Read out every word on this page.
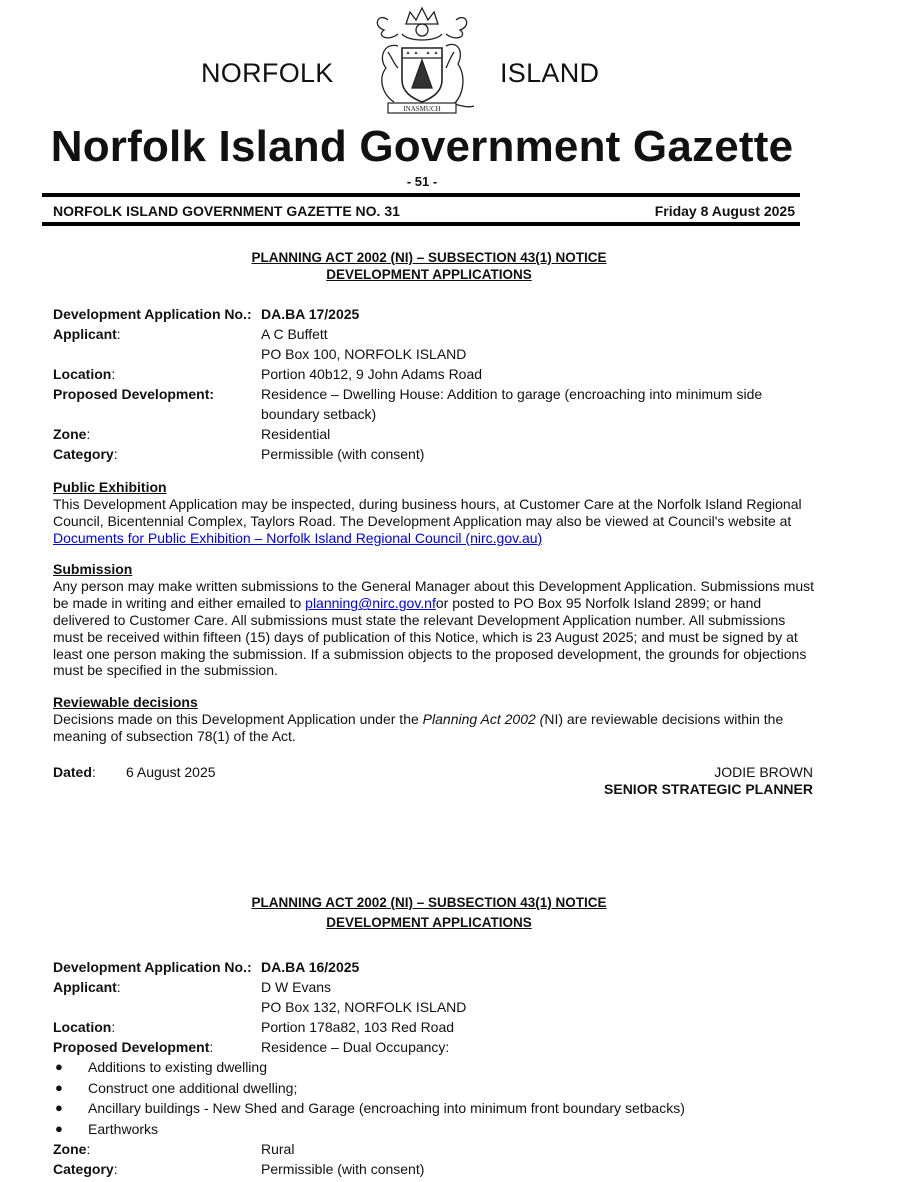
NORFOLK
INASMUCH
ISLAND
Norfolk Island Government Gazette
- 51 -
NORFOLK ISLAND GOVERNMENT GAZETTE NO. 31	Friday 8 August 2025
PLANNING ACT 2002 (NI) – SUBSECTION 43(1) NOTICE
DEVELOPMENT APPLICATIONS
Development Application No.: DA.BA 17/2025
Applicant:	A C Buffett
PO Box 100, NORFOLK ISLAND
Location:	Portion 40b12, 9 John Adams Road
Proposed Development:	Residence – Dwelling House: Addition to garage (encroaching into minimum side boundary setback)
Zone:	Residential
Category:	Permissible (with consent)
Public Exhibition
This Development Application may be inspected, during business hours, at Customer Care at the Norfolk Island Regional Council, Bicentennial Complex, Taylors Road. The Development Application may also be viewed at Council's website at Documents for Public Exhibition – Norfolk Island Regional Council (nirc.gov.au)
Submission
Any person may make written submissions to the General Manager about this Development Application. Submissions must be made in writing and either emailed to planning@nirc.gov.nfor posted to PO Box 95 Norfolk Island 2899; or hand delivered to Customer Care. All submissions must state the relevant Development Application number. All submissions must be received within fifteen (15) days of publication of this Notice, which is 23 August 2025; and must be signed by at least one person making the submission. If a submission objects to the proposed development, the grounds for objections must be specified in the submission.
Reviewable decisions
Decisions made on this Development Application under the Planning Act 2002 (NI) are reviewable decisions within the meaning of subsection 78(1) of the Act.
Dated: 6 August 2025	JODIE BROWN
SENIOR STRATEGIC PLANNER
PLANNING ACT 2002 (NI) – SUBSECTION 43(1) NOTICE
DEVELOPMENT APPLICATIONS
Development Application No.: DA.BA 16/2025
Applicant:	D W Evans
PO Box 132, NORFOLK ISLAND
Location:	Portion 178a82, 103 Red Road
Proposed Development:	Residence – Dual Occupancy:
● Additions to existing dwelling
● Construct one additional dwelling;
● Ancillary buildings - New Shed and Garage (encroaching into minimum front boundary setbacks)
● Earthworks
Zone:	Rural
Category:	Permissible (with consent)
